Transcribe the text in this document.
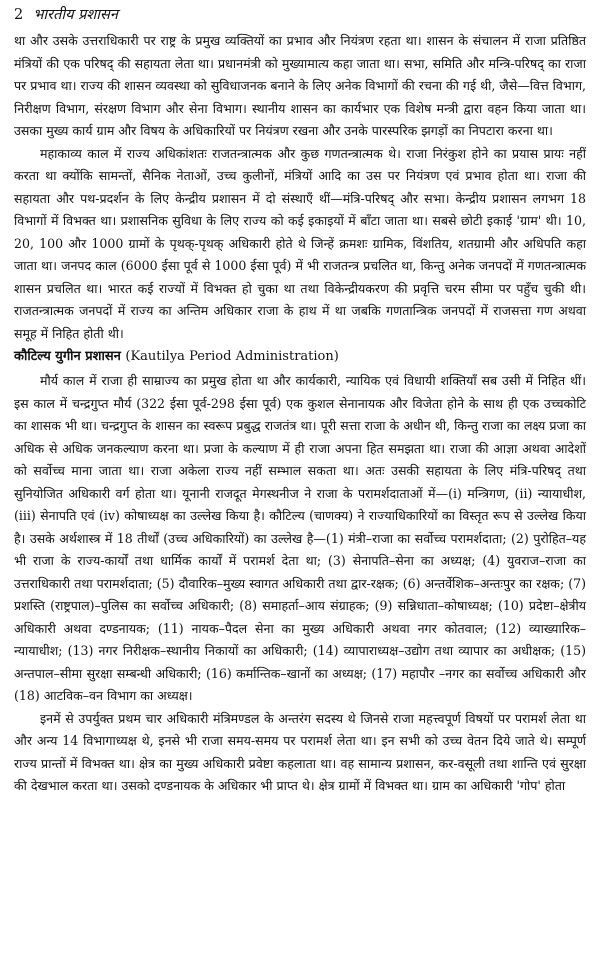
2 भारतीय प्रशासन

था और उसके उत्तराधिकारी पर राष्ट्र के प्रमुख व्यक्तियों का प्रभाव और नियंत्रण रहता था। शासन के संचालन में राजा प्रतिष्ठित मंत्रियों की एक परिषद् की सहायता लेता था। प्रधानमंत्री को मुख्यामात्य कहा जाता था। सभा, समिति और मन्त्रि-परिषद् का राजा पर प्रभाव था। राज्य की शासन व्यवस्था को सुविधाजनक बनाने के लिए अनेक विभागों की रचना की गई थी, जैसे—वित्त विभाग, निरीक्षण विभाग, संरक्षण विभाग और सेना विभाग। स्थानीय शासन का कार्यभार एक विशेष मन्त्री द्वारा वहन किया जाता था। उसका मुख्य कार्य ग्राम और विषय के अधिकारियों पर नियंत्रण रखना और उनके पारस्परिक झगड़ों का निपटारा करना था।

महाकाव्य काल में राज्य अधिकांशतः राजतन्त्रात्मक और कुछ गणतन्त्रात्मक थे। राजा निरंकुश होने का प्रयास प्रायः नहीं करता था क्योंकि सामन्तों, सैनिक नेताओं, उच्च कुलीनों, मंत्रियों आदि का उस पर नियंत्रण एवं प्रभाव होता था। राजा की सहायता और पथ-प्रदर्शन के लिए केन्द्रीय प्रशासन में दो संस्थाएँ थीं—मंत्रि-परिषद् और सभा। केन्द्रीय प्रशासन लगभग 18 विभागों में विभक्त था। प्रशासनिक सुविधा के लिए राज्य को कई इकाइयों में बाँटा जाता था। सबसे छोटी इकाई 'ग्राम' थी। 10, 20, 100 और 1000 ग्रामों के पृथक्-पृथक् अधिकारी होते थे जिन्हें क्रमशः ग्रामिक, विंशतिय, शतग्रामी और अधिपति कहा जाता था। जनपद काल (6000 ईसा पूर्व से 1000 ईसा पूर्व) में भी राजतन्त्र प्रचलित था, किन्तु अनेक जनपदों में गणतन्त्रात्मक शासन प्रचलित था। भारत कई राज्यों में विभक्त हो चुका था तथा विकेन्द्रीयकरण की प्रवृत्ति चरम सीमा पर पहुँच चुकी थी। राजतन्त्रात्मक जनपदों में राज्य का अन्तिम अधिकार राजा के हाथ में था जबकि गणतान्त्रिक जनपदों में राजसत्ता गण अथवा समूह में निहित होती थी।

कौटिल्य युगीन प्रशासन (Kautilya Period Administration)

मौर्य काल में राजा ही साम्राज्य का प्रमुख होता था और कार्यकारी, न्यायिक एवं विधायी शक्तियाँ सब उसी में निहित थीं। इस काल में चन्द्रगुप्त मौर्य (322 ईसा पूर्व-298 ईसा पूर्व) एक कुशल सेनानायक और विजेता होने के साथ ही एक उच्चकोटि का शासक भी था। चन्द्रगुप्त के शासन का स्वरूप प्रबुद्ध राजतंत्र था। पूरी सत्ता राजा के अधीन थी, किन्तु राजा का लक्ष्य प्रजा का अधिक से अधिक जनकल्याण करना था। प्रजा के कल्याण में ही राजा अपना हित समझता था। राजा की आज्ञा अथवा आदेशों को सर्वोच्च माना जाता था। राजा अकेला राज्य नहीं सम्भाल सकता था। अतः उसकी सहायता के लिए मंत्रि-परिषद् तथा सुनियोजित अधिकारी वर्ग होता था। यूनानी राजदूत मेगस्थनीज ने राजा के परामर्शदाताओं में—(i) मन्त्रिगण, (ii) न्यायाधीश, (iii) सेनापति एवं (iv) कोषाध्यक्ष का उल्लेख किया है। कौटिल्य (चाणक्य) ने राज्याधिकारियों का विस्तृत रूप से उल्लेख किया है। उसके अर्थशास्त्र में 18 तीर्थों (उच्च अधिकारियों) का उल्लेख है—(1) मंत्री–राजा का सर्वोच्च परामर्शदाता; (2) पुरोहित–यह भी राजा के राज्य-कार्यों तथा धार्मिक कार्यों में परामर्श देता था; (3) सेनापति–सेना का अध्यक्ष; (4) युवराज–राजा का उत्तराधिकारी तथा परामर्शदाता; (5) दौवारिक–मुख्य स्वागत अधिकारी तथा द्वार-रक्षक; (6) अन्तर्वेशिक–अन्तःपुर का रक्षक; (7) प्रशस्ति (राष्ट्रपाल)–पुलिस का सर्वोच्च अधिकारी; (8) समाहर्ता–आय संग्राहक; (9) सन्निधाता–कोषाध्यक्ष; (10) प्रदेष्टा–क्षेत्रीय अधिकारी अथवा दण्डनायक; (11) नायक–पैदल सेना का मुख्य अधिकारी अथवा नगर कोतवाल; (12) व्याख्यारिक– न्यायाधीश; (13) नगर निरीक्षक–स्थानीय निकायों का अधिकारी; (14) व्यापाराध्यक्ष–उद्योग तथा व्यापार का अधीक्षक; (15) अन्तपाल–सीमा सुरक्षा सम्बन्धी अधिकारी; (16) कर्मान्तिक–खानों का अध्यक्ष; (17) महापौर –नगर का सर्वोच्च अधिकारी और (18) आटविक–वन विभाग का अध्यक्ष।

इनमें से उपर्युक्त प्रथम चार अधिकारी मंत्रिमण्डल के अन्तरंग सदस्य थे जिनसे राजा महत्त्वपूर्ण विषयों पर परामर्श लेता था और अन्य 14 विभागाध्यक्ष थे, इनसे भी राजा समय-समय पर परामर्श लेता था। इन सभी को उच्च वेतन दिये जाते थे। सम्पूर्ण राज्य प्रान्तों में विभक्त था। क्षेत्र का मुख्य अधिकारी प्रवेष्टा कहलाता था। वह सामान्य प्रशासन, कर-वसूली तथा शान्ति एवं सुरक्षा की देखभाल करता था। उसको दण्डनायक के अधिकार भी प्राप्त थे। क्षेत्र ग्रामों में विभक्त था। ग्राम का अधिकारी 'गोप' होता
